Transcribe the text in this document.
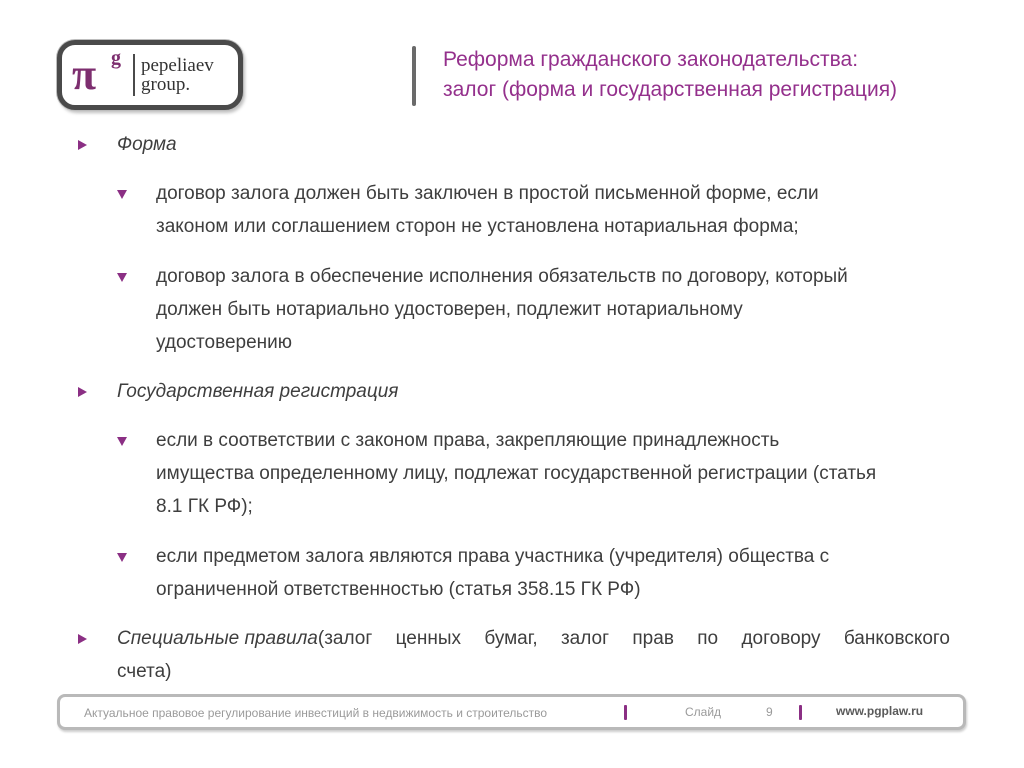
π g pepeliaev
group.
Реформа гражданского законодательства:
залог (форма и государственная регистрация)
Форма
договор залога должен быть заключен в простой письменной форме, если
законом или соглашением сторон не установлена нотариальная форма;
договор залога в обеспечение исполнения обязательств по договору, который
должен быть нотариально удостоверен, подлежит нотариальному
удостоверению
Государственная регистрация
если в соответствии с законом права, закрепляющие принадлежность
имущества определенному лицу, подлежат государственной регистрации (статья
8.1 ГК РФ);
если предметом залога являются права участника (учредителя) общества с
ограниченной ответственностью (статья 358.15 ГК РФ)
Специальные правила (залог ценных бумаг, залог прав по договору банковского
счета)
Актуальное правовое регулирование инвестиций в недвижимость и строительство	Слайд	9	www.pgplaw.ru
